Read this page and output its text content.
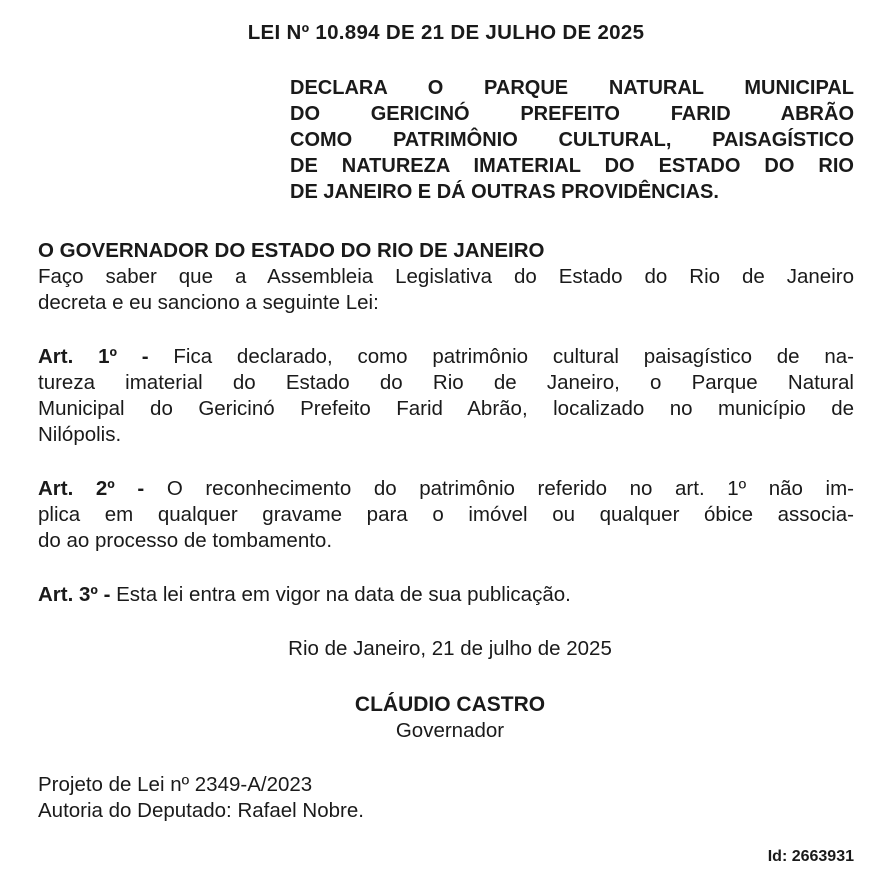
LEI Nº 10.894 DE 21 DE JULHO DE 2025
DECLARA O PARQUE NATURAL MUNICIPAL
DO GERICINÓ PREFEITO FARID ABRÃO
COMO PATRIMÔNIO CULTURAL, PAISAGÍSTICO
DE NATUREZA IMATERIAL DO ESTADO DO RIO
DE JANEIRO E DÁ OUTRAS PROVIDÊNCIAS.
O GOVERNADOR DO ESTADO DO RIO DE JANEIRO
Faço saber que a Assembleia Legislativa do Estado do Rio de Janeiro
decreta e eu sanciono a seguinte Lei:
Art. 1º - Fica declarado, como patrimônio cultural paisagístico de na-
tureza imaterial do Estado do Rio de Janeiro, o Parque Natural
Municipal do Gericinó Prefeito Farid Abrão, localizado no município de
Nilópolis.
Art. 2º - O reconhecimento do patrimônio referido no art. 1º não im-
plica em qualquer gravame para o imóvel ou qualquer óbice associa-
do ao processo de tombamento.
Art. 3º - Esta lei entra em vigor na data de sua publicação.
Rio de Janeiro, 21 de julho de 2025
CLÁUDIO CASTRO
Governador
Projeto de Lei nº 2349-A/2023
Autoria do Deputado: Rafael Nobre.
Id: 2663931
